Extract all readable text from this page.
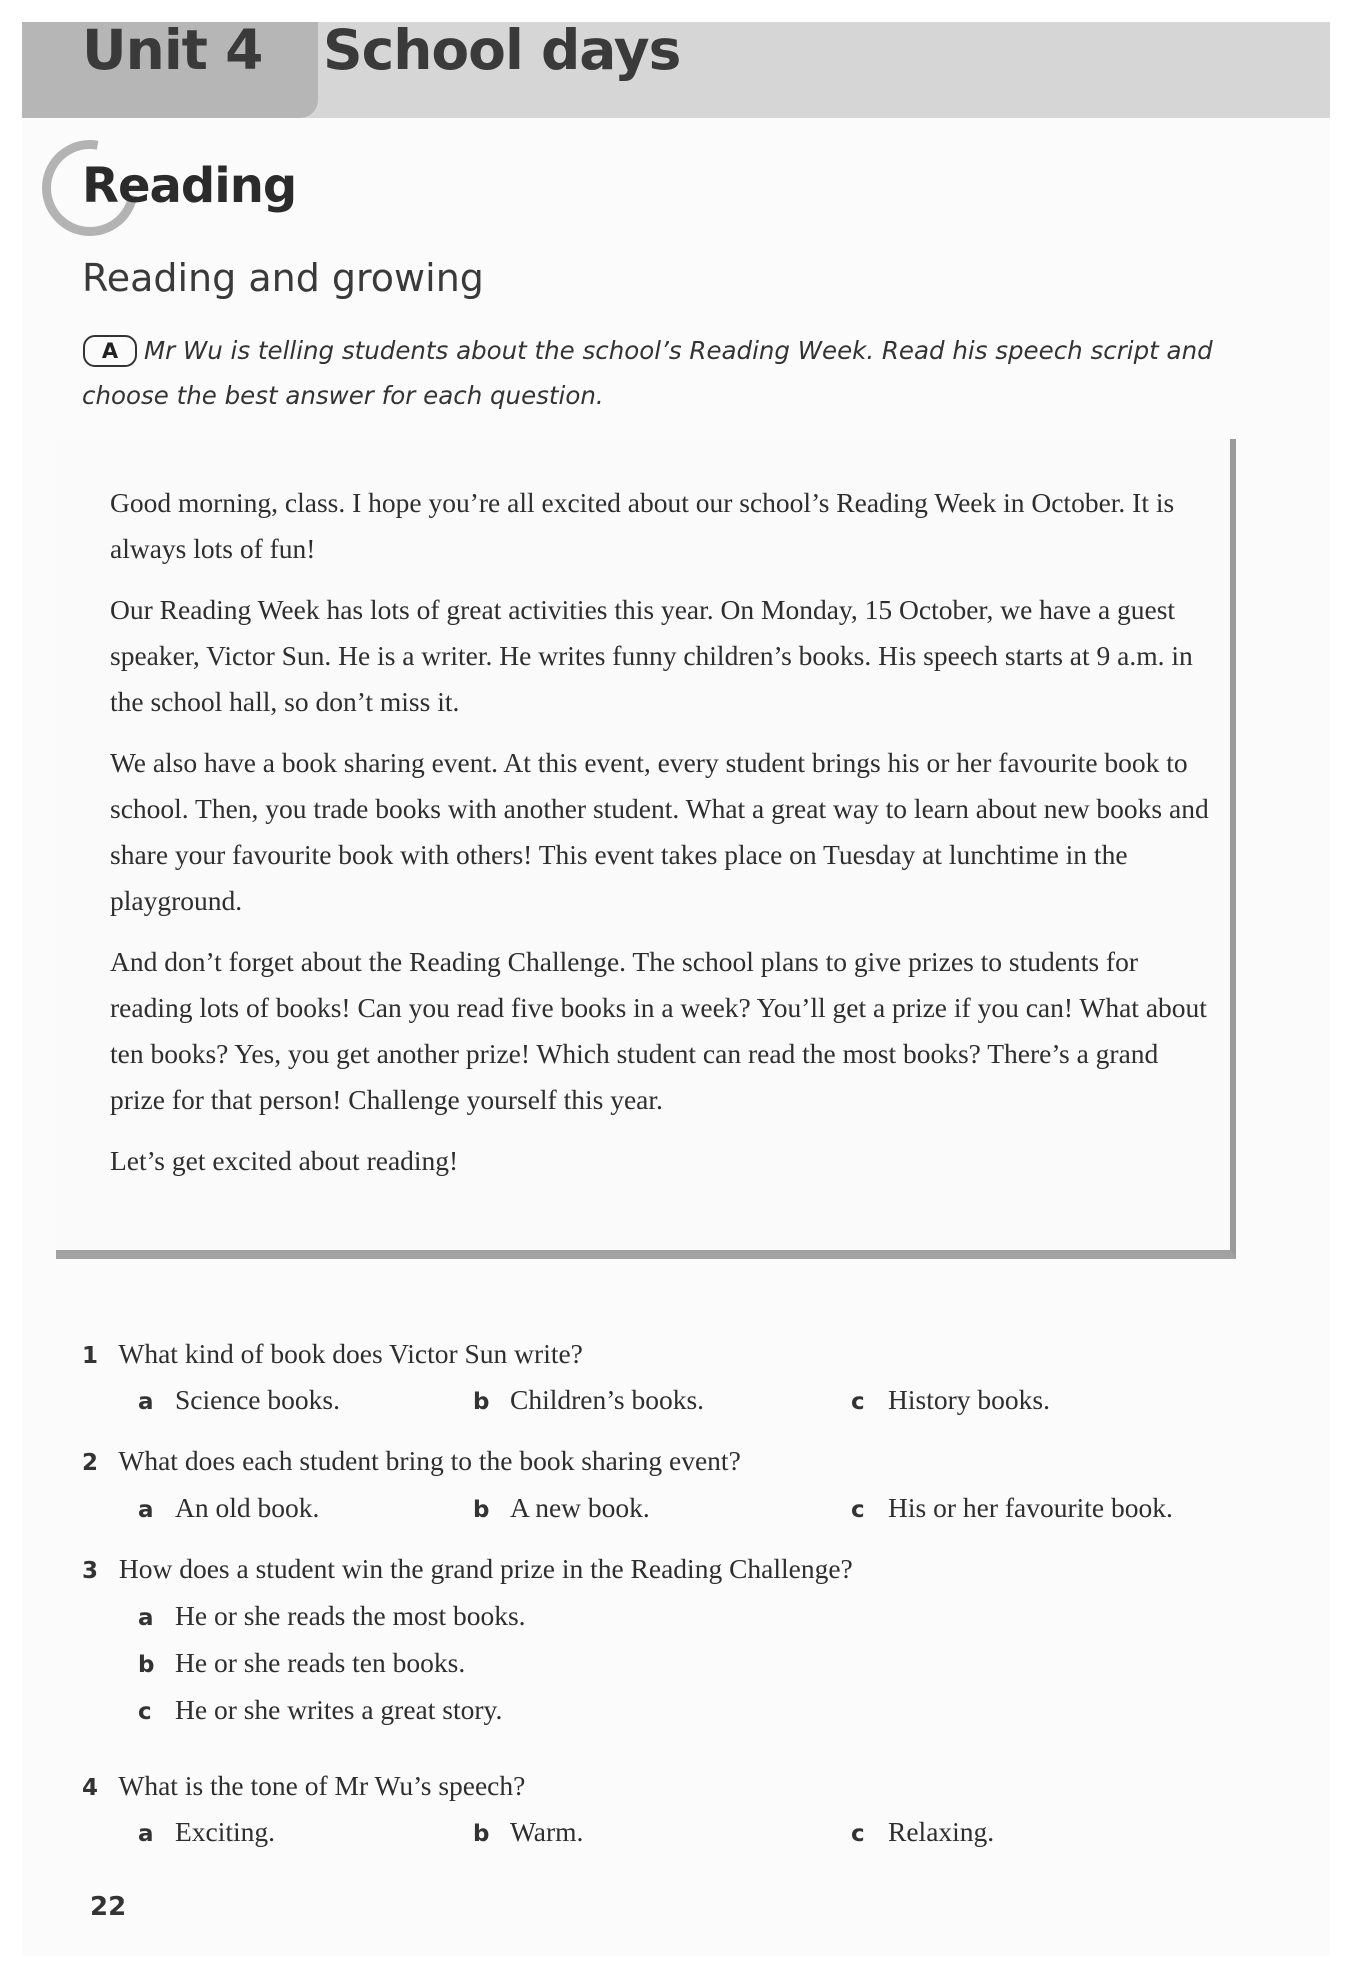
Unit 4 School days
Reading
Reading and growing
Mr Wu is telling students about the school’s Reading Week. Read his speech script and choose the best answer for each question.
A

Good morning, class. I hope you’re all excited about our school’s Reading Week in October. It is always lots of fun!

Our Reading Week has lots of great activities this year. On Monday, 15 October, we have a guest speaker, Victor Sun. He is a writer. He writes funny children’s books. His speech starts at 9 a.m. in the school hall, so don’t miss it.

We also have a book sharing event. At this event, every student brings his or her favourite book to school. Then, you trade books with another student. What a great way to learn about new books and share your favourite book with others! This event takes place on Tuesday at lunchtime in the playground.

And don’t forget about the Reading Challenge. The school plans to give prizes to students for reading lots of books! Can you read five books in a week? You’ll get a prize if you can! What about ten books? Yes, you get another prize! Which student can read the most books? There’s a grand prize for that person! Challenge yourself this year.

Let’s get excited about reading!

1 What kind of book does Victor Sun write?
a Science books.	b Children’s books.	c History books.
2 What does each student bring to the book sharing event?
a An old book.	b A new book.	c His or her favourite book.
3 How does a student win the grand prize in the Reading Challenge?
a He or she reads the most books.
b He or she reads ten books.
c He or she writes a great story.
4 What is the tone of Mr Wu’s speech?
a Exciting.	b Warm.	c Relaxing.
22
